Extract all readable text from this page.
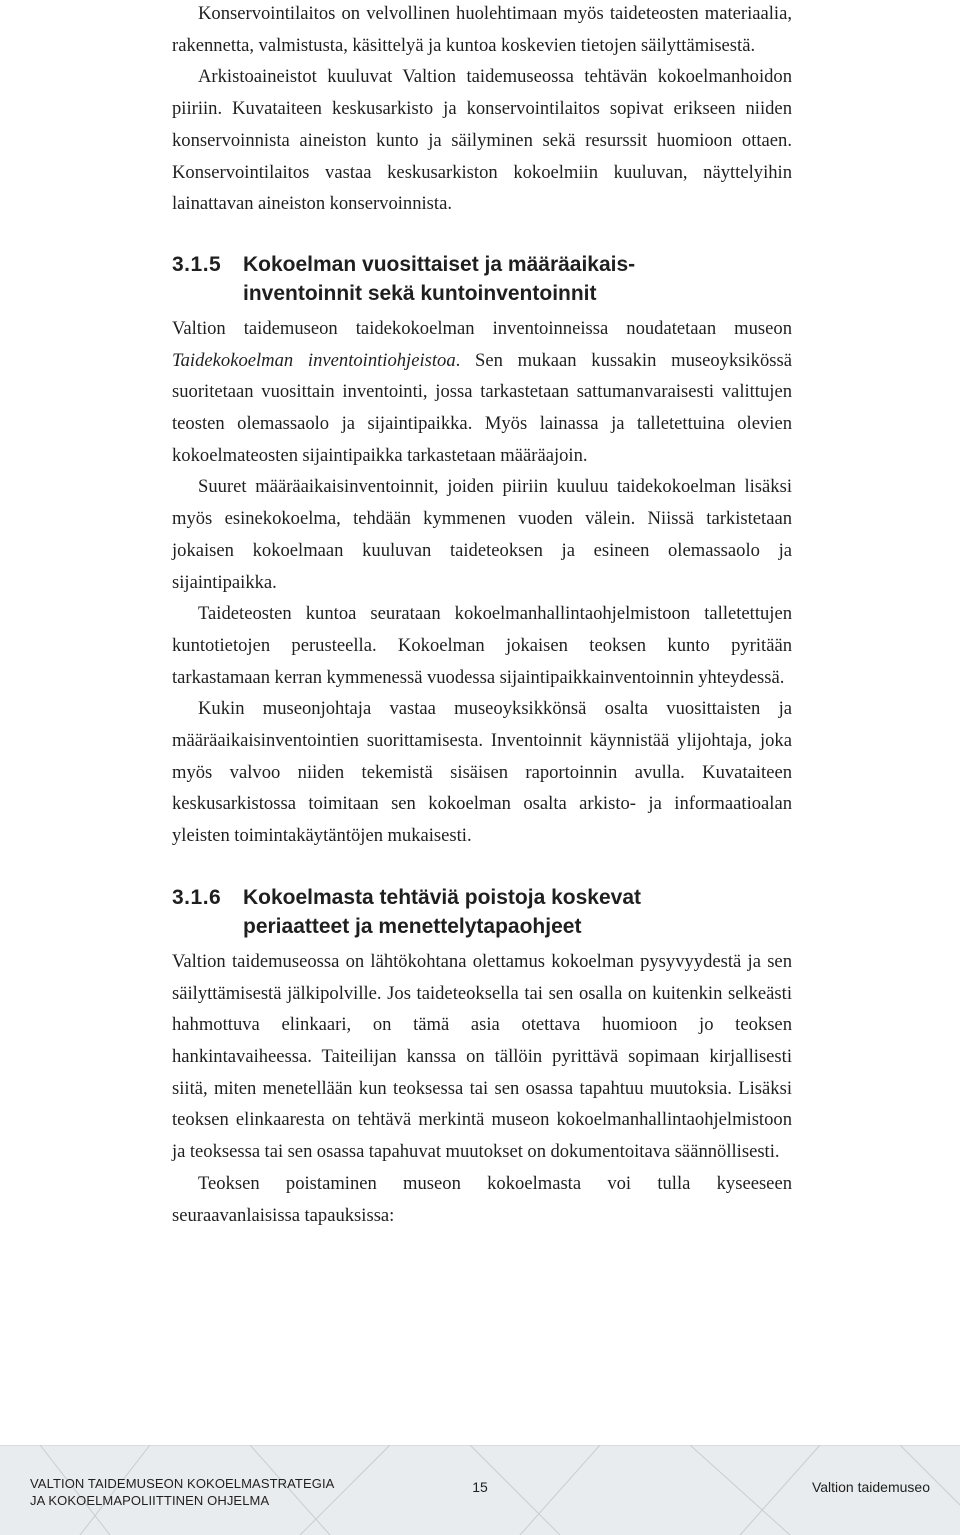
Konservointilaitos on velvollinen huolehtimaan myös taideteosten materiaalia, rakennetta, valmistusta, käsittelyä ja kuntoa koskevien tietojen säilyttämisestä.

Arkistoaineistot kuuluvat Valtion taidemuseossa tehtävän kokoelmanhoidon piiriin. Kuvataiteen keskusarkisto ja konservointilaitos sopivat erikseen niiden konservoinnista aineiston kunto ja säilyminen sekä resurssit huomioon ottaen. Konservointilaitos vastaa keskusarkiston kokoelmiin kuuluvan, näyttelyihin lainattavan aineiston konservoinnista.

3.1.5	Kokoelman vuosittaiset ja määräaikais-
inventoinnit sekä kuntoinventoinnit

Valtion taidemuseon taidekokoelman inventoinneissa noudatetaan museon Taidekokoelman inventointiohjeistoa. Sen mukaan kussakin museoyksikössä suoritetaan vuosittain inventointi, jossa tarkastetaan sattumanvaraisesti valittujen teosten olemassaolo ja sijaintipaikka. Myös lainassa ja talletettuina olevien kokoelmateosten sijaintipaikka tarkastetaan määräajoin.

Suuret määräaikaisinventoinnit, joiden piiriin kuuluu taidekokoelman lisäksi myös esinekokoelma, tehdään kymmenen vuoden välein. Niissä tarkistetaan jokaisen kokoelmaan kuuluvan taideteoksen ja esineen olemassaolo ja sijaintipaikka.

Taideteosten kuntoa seurataan kokoelmanhallintaohjelmistoon talletettujen kuntotietojen perusteella. Kokoelman jokaisen teoksen kunto pyritään tarkastamaan kerran kymmenessä vuodessa sijaintipaikkainventoinnin yhteydessä.

Kukin museonjohtaja vastaa museoyksikkönsä osalta vuosittaisten ja määräaikaisinventointien suorittamisesta. Inventoinnit käynnistää ylijohtaja, joka myös valvoo niiden tekemistä sisäisen raportoinnin avulla. Kuvataiteen keskusarkistossa toimitaan sen kokoelman osalta arkisto- ja informaatioalan yleisten toimintakäytäntöjen mukaisesti.

3.1.6	Kokoelmasta tehtäviä poistoja koskevat
periaatteet ja menettelytapaohjeet

Valtion taidemuseossa on lähtökohtana olettamus kokoelman pysyvyydestä ja sen säilyttämisestä jälkipolville. Jos taideteoksella tai sen osalla on kuitenkin selkeästi hahmottuva elinkaari, on tämä asia otettava huomioon jo teoksen hankintavaiheessa. Taiteilijan kanssa on tällöin pyrittävä sopimaan kirjallisesti siitä, miten menetellään kun teoksessa tai sen osassa tapahtuu muutoksia. Lisäksi teoksen elinkaaresta on tehtävä merkintä museon kokoelmanhallintaohjelmistoon ja teoksessa tai sen osassa tapahuvat muutokset on dokumentoitava säännöllisesti.

Teoksen poistaminen museon kokoelmasta voi tulla kyseeseen seuraavanlaisissa tapauksissa:

VALTION TAIDEMUSEON KOKOELMASTRATEGIA
JA KOKOELMAPOLIITTINEN OHJELMA
15	Valtion taidemuseo
